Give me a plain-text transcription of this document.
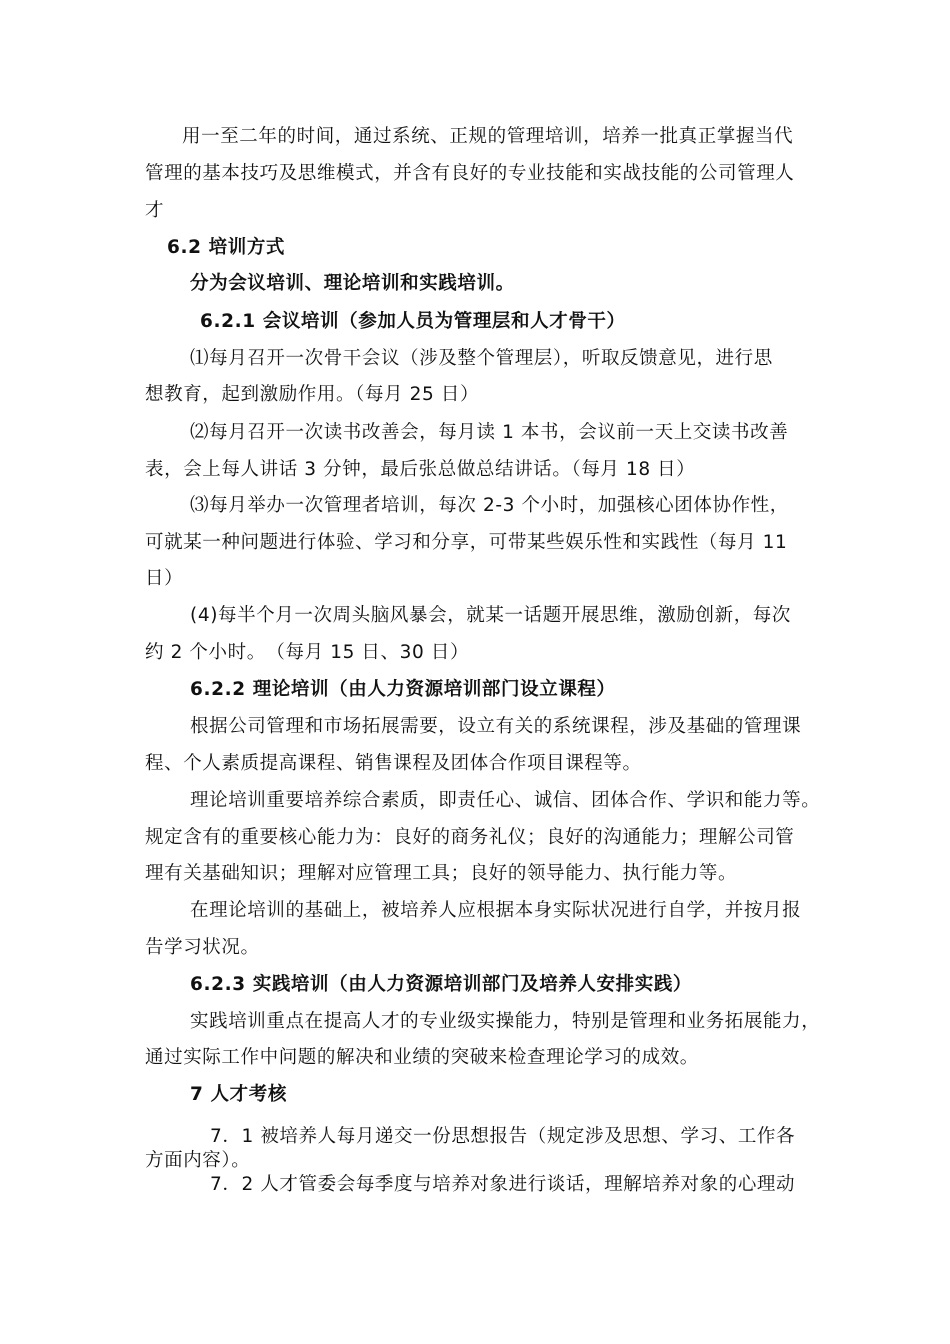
用一至二年的时间，通过系统、正规的管理培训，培养一批真正掌握当代

管理的基本技巧及思维模式，并含有良好的专业技能和实战技能的公司管理人

才

6.2 培训方式

分为会议培训、理论培训和实践培训。

6.2.1 会议培训（参加人员为管理层和人才骨干）

⑴每月召开一次骨干会议（涉及整个管理层），听取反馈意见，进行思

想教育，起到激励作用。（每月 25 日）

⑵每月召开一次读书改善会，每月读 1 本书，会议前一天上交读书改善

表，会上每人讲话 3 分钟，最后张总做总结讲话。（每月 18 日）

⑶每月举办一次管理者培训，每次 2-3 个小时，加强核心团体协作性，

可就某一种问题进行体验、学习和分享，可带某些娱乐性和实践性（每月 11

日）

(4)每半个月一次周头脑风暴会，就某一话题开展思维，激励创新，每次

约 2 个小时。　（每月 15 日、30 日）

6.2.2 理论培训（由人力资源培训部门设立课程）

根据公司管理和市场拓展需要，设立有关的系统课程，涉及基础的管理课

程、个人素质提高课程、销售课程及团体合作项目课程等。

理论培训重要培养综合素质，即责任心、诚信、团体合作、学识和能力等。

规定含有的重要核心能力为：良好的商务礼仪；良好的沟通能力；理解公司管

理有关基础知识；理解对应管理工具；良好的领导能力、执行能力等。

在理论培训的基础上，被培养人应根据本身实际状况进行自学，并按月报

告学习状况。

6.2.3 实践培训（由人力资源培训部门及培养人安排实践）

实践培训重点在提高人才的专业级实操能力，特别是管理和业务拓展能力，

通过实际工作中问题的解决和业绩的突破来检查理论学习的成效。

7 人才考核

7．1 被培养人每月递交一份思想报告（规定涉及思想、学习、工作各

方面内容）。

7．2 人才管委会每季度与培养对象进行谈话，理解培养对象的心理动
